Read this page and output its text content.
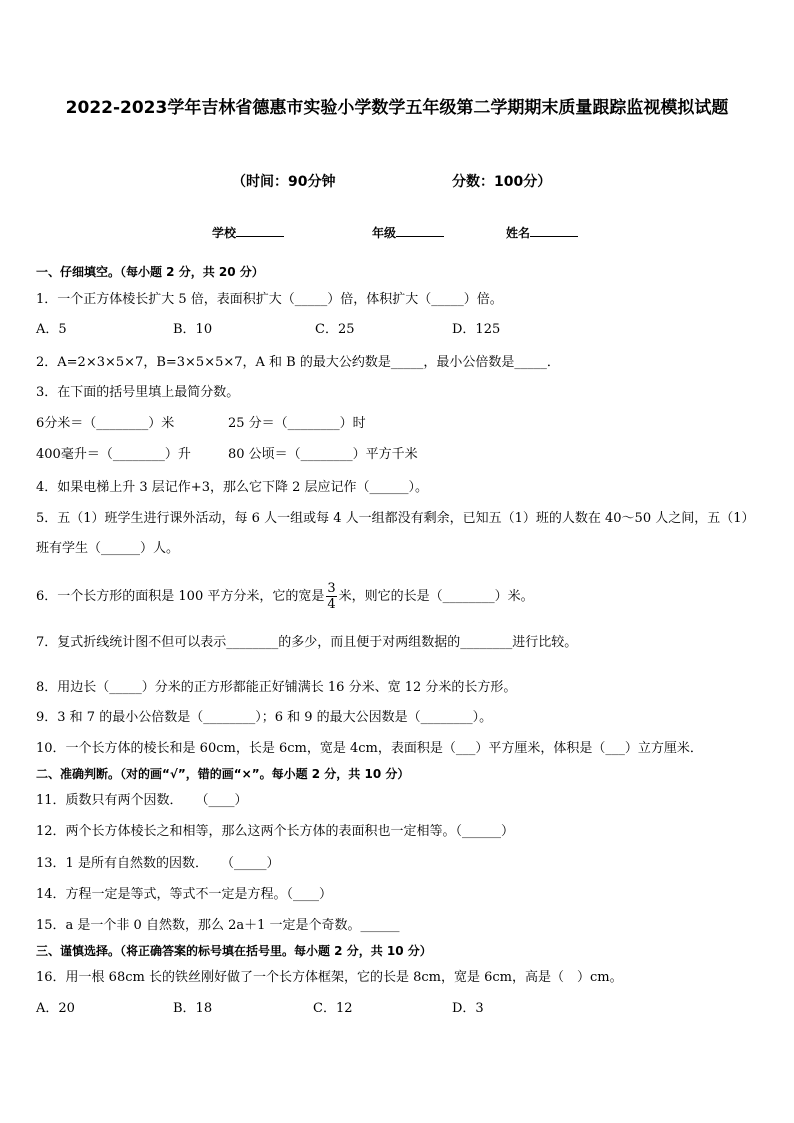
2022-2023学年吉林省德惠市实验小学数学五年级第二学期期末质量跟踪监视模拟试题
（时间：90分钟	分数：100分）
学校	年级	姓名
一、仔细填空。（每小题 2 分，共 20 分）
1．一个正方体棱长扩大 5 倍，表面积扩大（_____）倍，体积扩大（_____）倍。
A．5	B．10	C．25	D．125
2．A=2×3×5×7，B=3×5×5×7，A 和 B 的最大公约数是_____，最小公倍数是_____．
3．在下面的括号里填上最简分数。
6分米＝（________）米	25 分＝（________）时
400毫升＝（________）升	80 公顷＝（________）平方千米
4．如果电梯上升 3 层记作+3，那么它下降 2 层应记作（______）。
5．五（1）班学生进行课外活动，每 6 人一组或每 4 人一组都没有剩余，已知五（1）班的人数在 40～50 人之间，五（1）班有学生（______）人。
6．一个长方形的面积是 100 平方分米，它的宽是 $\frac{3}{4}$ 米，则它的长是（________）米。
7．复式折线统计图不但可以表示________的多少，而且便于对两组数据的________进行比较。
8．用边长（_____）分米的正方形都能正好铺满长 16 分米、宽 12 分米的长方形。
9．3 和 7 的最小公倍数是（________）；6 和 9 的最大公因数是（________）。
10．一个长方体的棱长和是 60cm，长是 6cm，宽是 4cm，表面积是（___）平方厘米，体积是（___）立方厘米．
二、准确判断。（对的画“√”，错的画“×”。每小题 2 分，共 10 分）
11．质数只有两个因数．　　（____）
12．两个长方体棱长之和相等，那么这两个长方体的表面积也一定相等。（______）
13．1 是所有自然数的因数．　　（_____）
14．方程一定是等式，等式不一定是方程。（____）
15．a 是一个非 0 自然数，那么 2a＋1 一定是个奇数。______
三、谨慎选择。（将正确答案的标号填在括号里。每小题 2 分，共 10 分）
16．用一根 68cm 长的铁丝刚好做了一个长方体框架，它的长是 8cm，宽是 6cm，高是（　）cm。
A．20	B．18	C．12	D．3
